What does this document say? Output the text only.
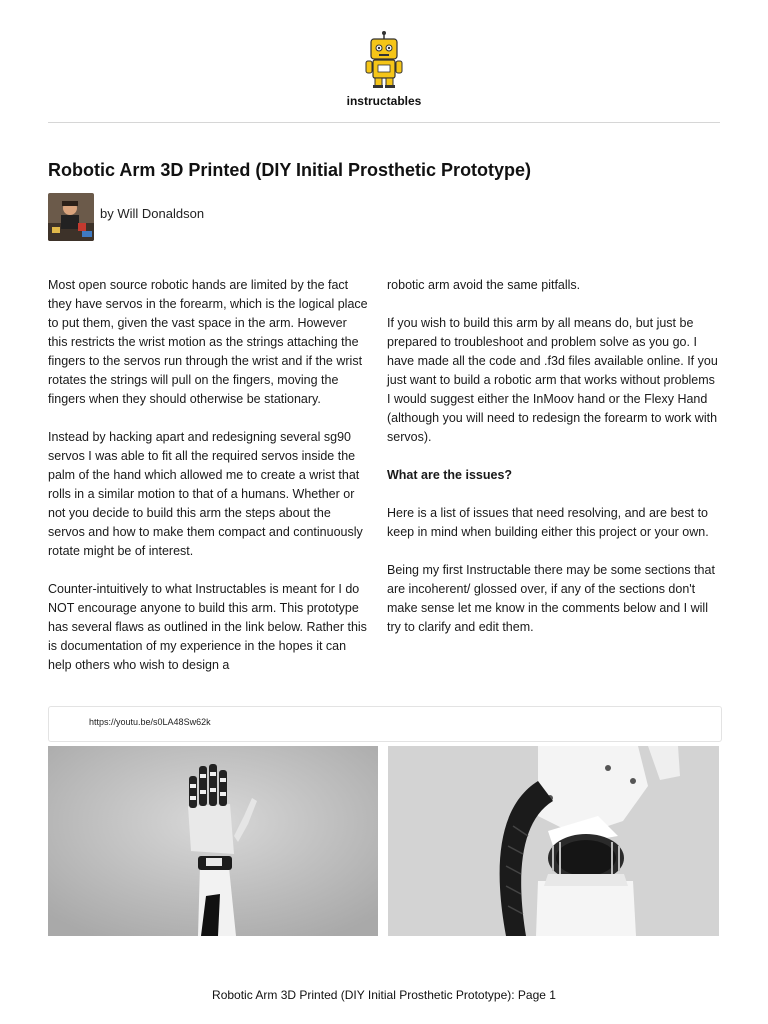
instructables
Robotic Arm 3D Printed (DIY Initial Prosthetic Prototype)
by Will Donaldson

Most open source robotic hands are limited by the fact they have servos in the forearm, which is the logical place to put them, given the vast space in the arm. However this restricts the wrist motion as the strings attaching the fingers to the servos run through the wrist and if the wrist rotates the strings will pull on the fingers, moving the fingers when they should otherwise be stationary.

Instead by hacking apart and redesigning several sg90 servos I was able to fit all the required servos inside the palm of the hand which allowed me to create a wrist that rolls in a similar motion to that of a humans. Whether or not you decide to build this arm the steps about the servos and how to make them compact and continuously rotate might be of interest.

Counter-intuitively to what Instructables is meant for I do NOT encourage anyone to build this arm. This prototype has several flaws as outlined in the link below. Rather this is documentation of my experience in the hopes it can help others who wish to design a

robotic arm avoid the same pitfalls.

If you wish to build this arm by all means do, but just be prepared to troubleshoot and problem solve as you go. I have made all the code and .f3d files available online. If you just want to build a robotic arm that works without problems I would suggest either the InMoov hand or the Flexy Hand (although you will need to redesign the forearm to work with servos).

What are the issues?

Here is a list of issues that need resolving, and are best to keep in mind when building either this project or your own.

Being my first Instructable there may be some sections that are incoherent/ glossed over, if any of the sections don't make sense let me know in the comments below and I will try to clarify and edit them.

https://youtu.be/s0LA48Sw62k
Robotic Arm 3D Printed (DIY Initial Prosthetic Prototype): Page 1
